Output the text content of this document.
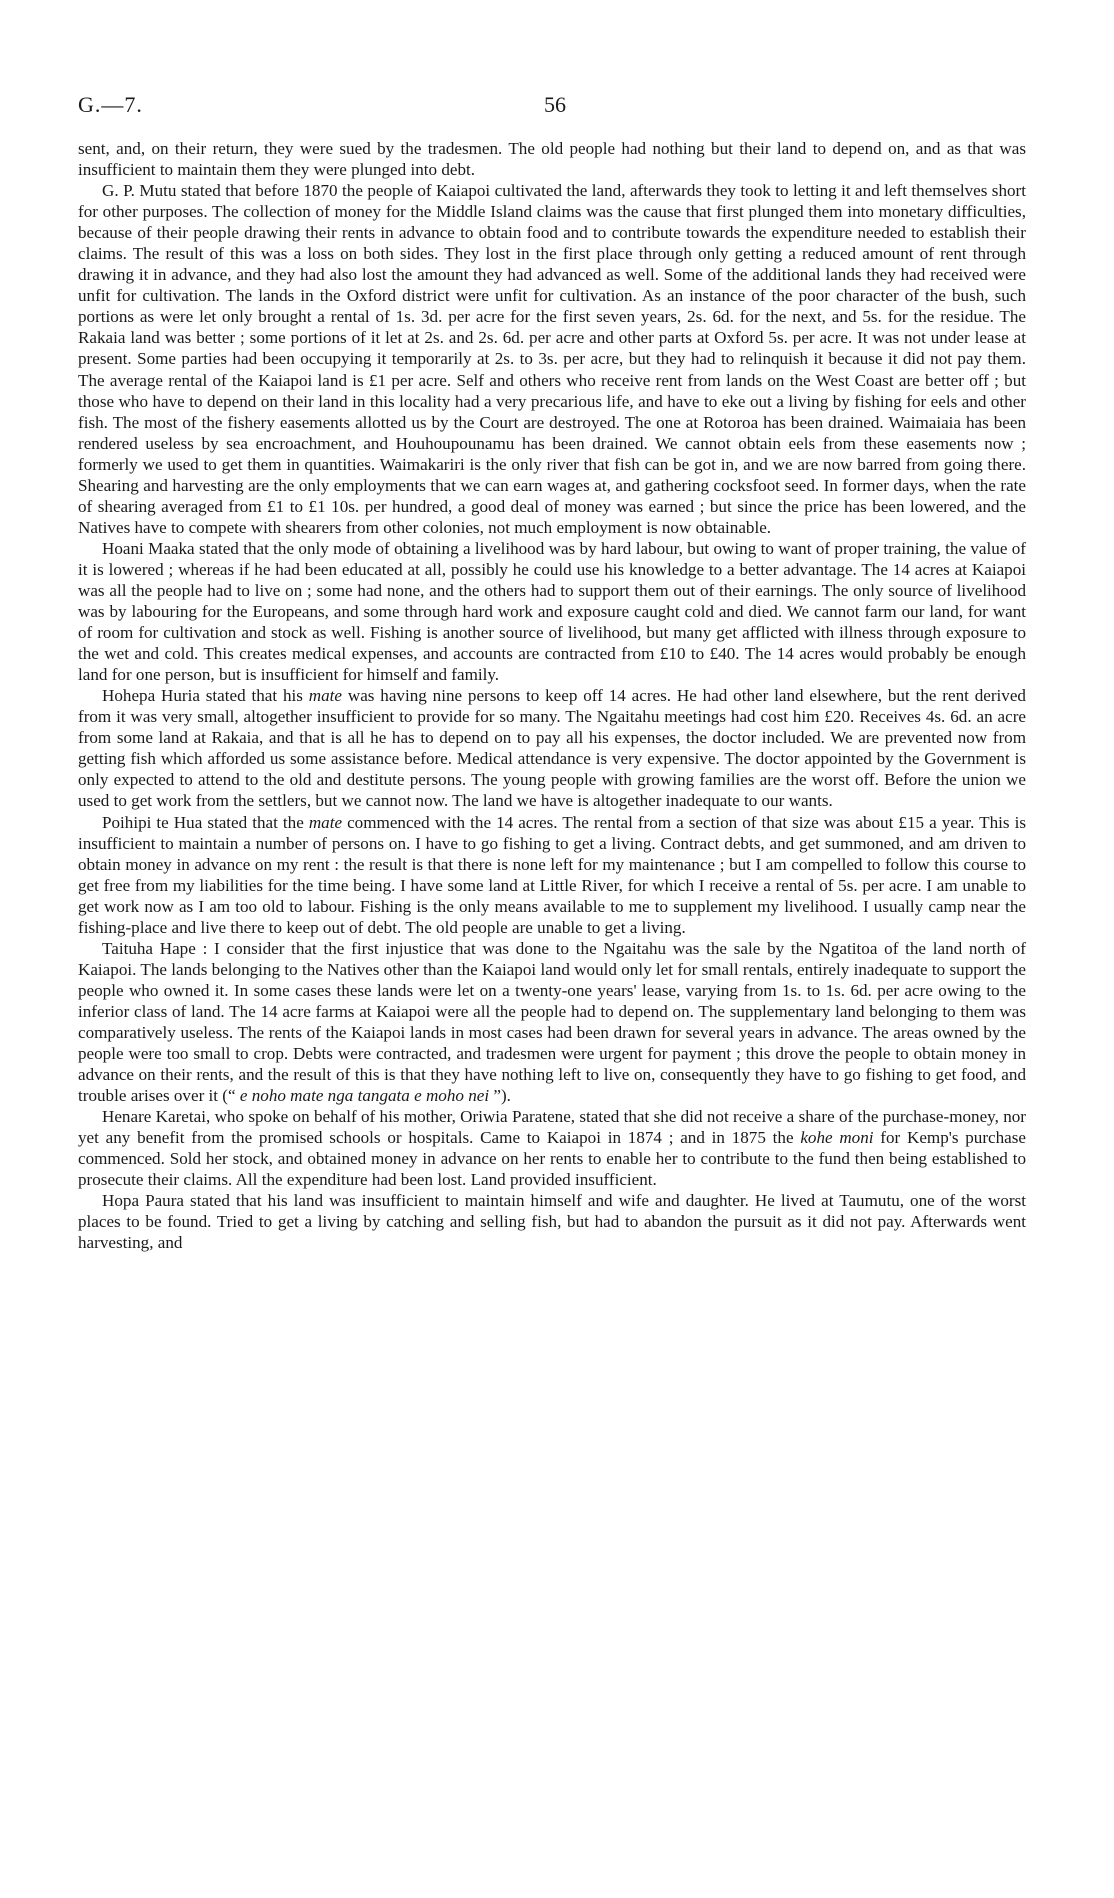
G.—7.	56

sent, and, on their return, they were sued by the tradesmen. The old people had nothing but their land to depend on, and as that was insufficient to maintain them they were plunged into debt.

G. P. Mutu stated that before 1870 the people of Kaiapoi cultivated the land, afterwards they took to letting it and left themselves short for other purposes. The collection of money for the Middle Island claims was the cause that first plunged them into monetary difficulties, because of their people drawing their rents in advance to obtain food and to contribute towards the expenditure needed to establish their claims. The result of this was a loss on both sides. They lost in the first place through only getting a reduced amount of rent through drawing it in advance, and they had also lost the amount they had advanced as well. Some of the additional lands they had received were unfit for cultivation. The lands in the Oxford district were unfit for cultivation. As an instance of the poor character of the bush, such portions as were let only brought a rental of 1s. 3d. per acre for the first seven years, 2s. 6d. for the next, and 5s. for the residue. The Rakaia land was better ; some portions of it let at 2s. and 2s. 6d. per acre and other parts at Oxford 5s. per acre. It was not under lease at present. Some parties had been occupying it temporarily at 2s. to 3s. per acre, but they had to relinquish it because it did not pay them. The average rental of the Kaiapoi land is £1 per acre. Self and others who receive rent from lands on the West Coast are better off ; but those who have to depend on their land in this locality had a very precarious life, and have to eke out a living by fishing for eels and other fish. The most of the fishery easements allotted us by the Court are destroyed. The one at Rotoroa has been drained. Waimaiaia has been rendered useless by sea encroachment, and Houhoupounamu has been drained. We cannot obtain eels from these easements now ; formerly we used to get them in quantities. Waimakariri is the only river that fish can be got in, and we are now barred from going there. Shearing and harvesting are the only employments that we can earn wages at, and gathering cocksfoot seed. In former days, when the rate of shearing averaged from £1 to £1 10s. per hundred, a good deal of money was earned ; but since the price has been lowered, and the Natives have to compete with shearers from other colonies, not much employment is now obtainable.

Hoani Maaka stated that the only mode of obtaining a livelihood was by hard labour, but owing to want of proper training, the value of it is lowered ; whereas if he had been educated at all, possibly he could use his knowledge to a better advantage. The 14 acres at Kaiapoi was all the people had to live on ; some had none, and the others had to support them out of their earnings. The only source of livelihood was by labouring for the Europeans, and some through hard work and exposure caught cold and died. We cannot farm our land, for want of room for cultivation and stock as well. Fishing is another source of livelihood, but many get afflicted with illness through exposure to the wet and cold. This creates medical expenses, and accounts are contracted from £10 to £40. The 14 acres would probably be enough land for one person, but is insufficient for himself and family.

Hohepa Huria stated that his mate was having nine persons to keep off 14 acres. He had other land elsewhere, but the rent derived from it was very small, altogether insufficient to provide for so many. The Ngaitahu meetings had cost him £20. Receives 4s. 6d. an acre from some land at Rakaia, and that is all he has to depend on to pay all his expenses, the doctor included. We are prevented now from getting fish which afforded us some assistance before. Medical attendance is very expensive. The doctor appointed by the Government is only expected to attend to the old and destitute persons. The young people with growing families are the worst off. Before the union we used to get work from the settlers, but we cannot now. The land we have is altogether inadequate to our wants.

Poihipi te Hua stated that the mate commenced with the 14 acres. The rental from a section of that size was about £15 a year. This is insufficient to maintain a number of persons on. I have to go fishing to get a living. Contract debts, and get summoned, and am driven to obtain money in advance on my rent : the result is that there is none left for my maintenance ; but I am compelled to follow this course to get free from my liabilities for the time being. I have some land at Little River, for which I receive a rental of 5s. per acre. I am unable to get work now as I am too old to labour. Fishing is the only means available to me to supplement my livelihood. I usually camp near the fishing-place and live there to keep out of debt. The old people are unable to get a living.

Taituha Hape : I consider that the first injustice that was done to the Ngaitahu was the sale by the Ngatitoa of the land north of Kaiapoi. The lands belonging to the Natives other than the Kaiapoi land would only let for small rentals, entirely inadequate to support the people who owned it. In some cases these lands were let on a twenty-one years' lease, varying from 1s. to 1s. 6d. per acre owing to the inferior class of land. The 14 acre farms at Kaiapoi were all the people had to depend on. The supplementary land belonging to them was comparatively useless. The rents of the Kaiapoi lands in most cases had been drawn for several years in advance. The areas owned by the people were too small to crop. Debts were contracted, and tradesmen were urgent for payment ; this drove the people to obtain money in advance on their rents, and the result of this is that they have nothing left to live on, consequently they have to go fishing to get food, and trouble arises over it (“ e noho mate nga tangata e moho nei ”).

Henare Karetai, who spoke on behalf of his mother, Oriwia Paratene, stated that she did not receive a share of the purchase-money, nor yet any benefit from the promised schools or hospitals. Came to Kaiapoi in 1874 ; and in 1875 the kohe moni for Kemp's purchase commenced. Sold her stock, and obtained money in advance on her rents to enable her to contribute to the fund then being established to prosecute their claims. All the expenditure had been lost. Land provided insufficient.

Hopa Paura stated that his land was insufficient to maintain himself and wife and daughter. He lived at Taumutu, one of the worst places to be found. Tried to get a living by catching and selling fish, but had to abandon the pursuit as it did not pay. Afterwards went harvesting, and
